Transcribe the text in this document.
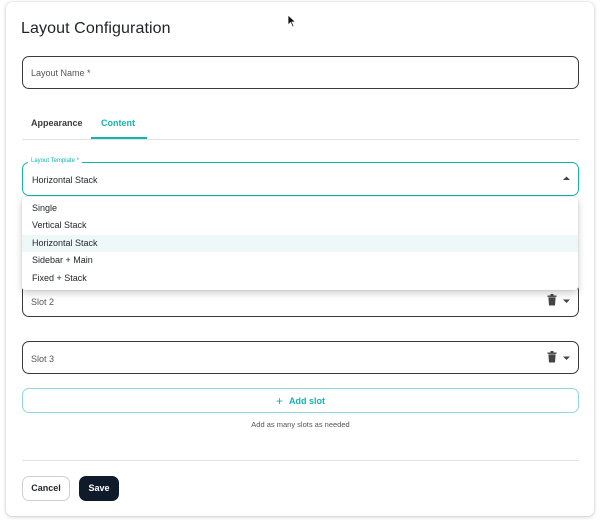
Layout Configuration
Layout Name *
Appearance Content
Layout Template *
Horizontal Stack
Slot 2
Slot 3
+ Add slot
Add as many slots as needed
Cancel	Save
Single
Vertical Stack
Horizontal Stack
Sidebar + Main
Fixed + Stack
